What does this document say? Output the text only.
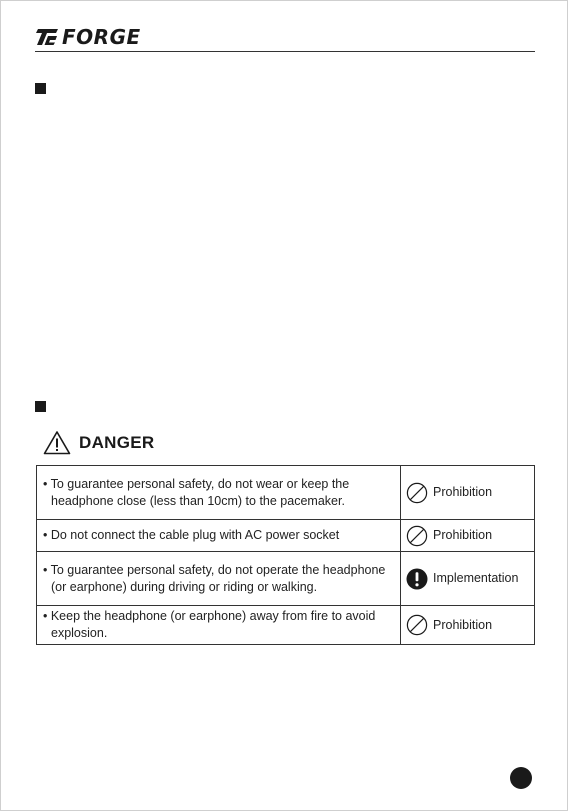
FORGE
DANGER
• To guarantee personal safety, do not wear or keep the headphone close (less than 10cm) to the pacemaker.	Prohibition

• Do not connect the cable plug with AC power socket	Prohibition

• To guarantee personal safety, do not operate the headphone (or earphone) during driving or riding or walking.	Implementation

• Keep the headphone (or earphone) away from fire to avoid explosion.	Prohibition
